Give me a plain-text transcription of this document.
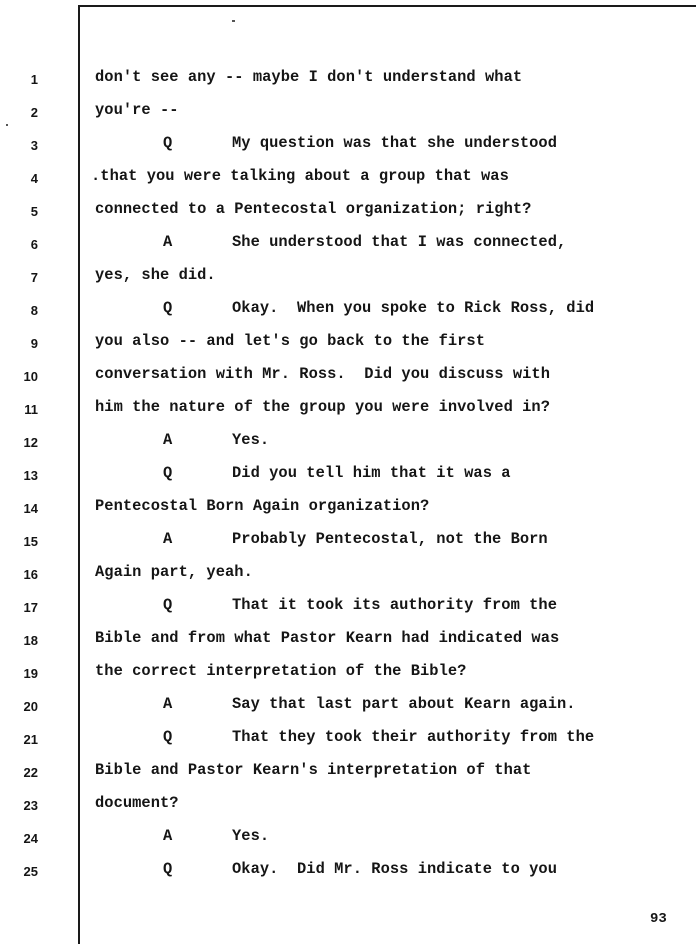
1	don't see any -- maybe I don't understand what
2	you're --
3	Q	My question was that she understood
4	.that you were talking about a group that was
5	connected to a Pentecostal organization; right?
6	A	She understood that I was connected,
7	yes, she did.
8	Q	Okay.  When you spoke to Rick Ross, did
9	you also -- and let's go back to the first
10	conversation with Mr. Ross.  Did you discuss with
11	him the nature of the group you were involved in?
12	A	Yes.
13	Q	Did you tell him that it was a
14	Pentecostal Born Again organization?
15	A	Probably Pentecostal, not the Born
16	Again part, yeah.
17	Q	That it took its authority from the
18	Bible and from what Pastor Kearn had indicated was
19	the correct interpretation of the Bible?
20	A	Say that last part about Kearn again.
21	Q	That they took their authority from the
22	Bible and Pastor Kearn's interpretation of that
23	document?
24	A	Yes.
25	Q	Okay.  Did Mr. Ross indicate to you
93
